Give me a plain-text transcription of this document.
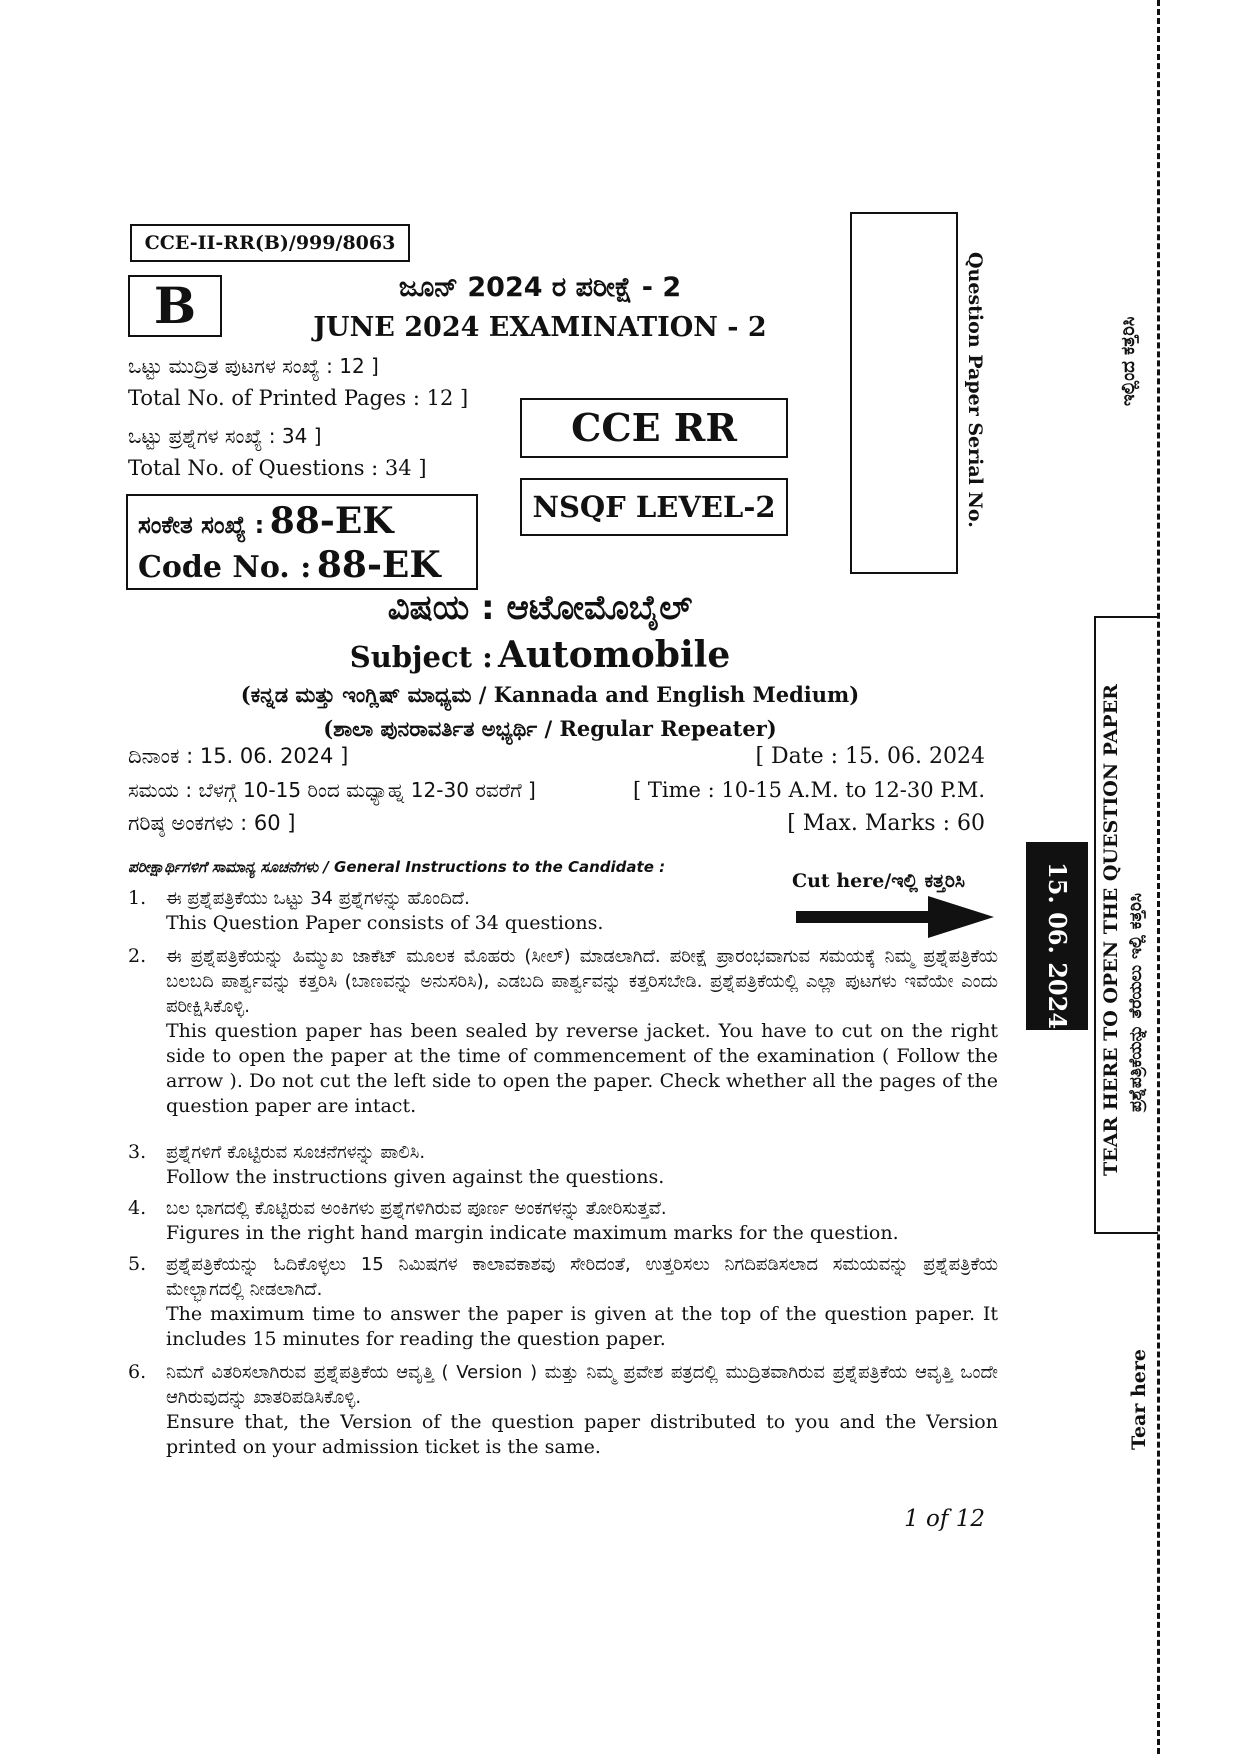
CCE-II-RR(B)/999/8063
B	ಜೂನ್ 2024 ರ ಪರೀಕ್ಷೆ - 2
JUNE 2024 EXAMINATION - 2
ಒಟ್ಟು ಮುದ್ರಿತ ಪುಟಗಳ ಸಂಖ್ಯೆ : 12 ]
Total No. of Printed Pages : 12 ]
ಒಟ್ಟು ಪ್ರಶ್ನೆಗಳ ಸಂಖ್ಯೆ : 34 ]
Total No. of Questions : 34 ]
ಸಂಕೇತ ಸಂಖ್ಯೆ : 88-EK
Code No. : 88-EK
CCE RR
NSQF LEVEL-2	Question Paper Serial No.
ವಿಷಯ : ಆಟೋಮೊಬೈಲ್
Subject : Automobile
(ಕನ್ನಡ ಮತ್ತು ಇಂಗ್ಲಿಷ್ ಮಾಧ್ಯಮ / Kannada and English Medium)
(ಶಾಲಾ ಪುನರಾವರ್ತಿತ ಅಭ್ಯರ್ಥಿ / Regular Repeater)
ದಿನಾಂಕ : 15. 06. 2024 ]	[ Date : 15. 06. 2024
ಸಮಯ : ಬೆಳಗ್ಗೆ 10-15 ರಿಂದ ಮಧ್ಯಾಹ್ನ 12-30 ರವರೆಗೆ ]	[ Time : 10-15 A.M. to 12-30 P.M.
ಗರಿಷ್ಠ ಅಂಕಗಳು : 60 ]	[ Max. Marks : 60
ಪರೀಕ್ಷಾರ್ಥಿಗಳಿಗೆ ಸಾಮಾನ್ಯ ಸೂಚನೆಗಳು / General Instructions to the Candidate :
Cut here/ಇಲ್ಲಿ ಕತ್ತರಿಸಿ
1. ಈ ಪ್ರಶ್ನೆಪತ್ರಿಕೆಯು ಒಟ್ಟು 34 ಪ್ರಶ್ನೆಗಳನ್ನು ಹೊಂದಿದೆ.
This Question Paper consists of 34 questions.
2. ಈ ಪ್ರಶ್ನೆಪತ್ರಿಕೆಯನ್ನು ಹಿಮ್ಮುಖ ಜಾಕೆಟ್ ಮೂಲಕ ಮೊಹರು (ಸೀಲ್) ಮಾಡಲಾಗಿದೆ. ಪರೀಕ್ಷೆ ಪ್ರಾರಂಭವಾಗುವ ಸಮಯಕ್ಕೆ ನಿಮ್ಮ ಪ್ರಶ್ನೆಪತ್ರಿಕೆಯ ಬಲಬದಿ ಪಾರ್ಶ್ವವನ್ನು ಕತ್ತರಿಸಿ (ಬಾಣವನ್ನು ಅನುಸರಿಸಿ), ಎಡಬದಿ ಪಾರ್ಶ್ವವನ್ನು ಕತ್ತರಿಸಬೇಡಿ. ಪ್ರಶ್ನೆಪತ್ರಿಕೆಯಲ್ಲಿ ಎಲ್ಲಾ ಪುಟಗಳು ಇವೆಯೇ ಎಂದು ಪರೀಕ್ಷಿಸಿಕೊಳ್ಳಿ.
This question paper has been sealed by reverse jacket. You have to cut on the right side to open the paper at the time of commencement of the examination ( Follow the arrow ). Do not cut the left side to open the paper. Check whether all the pages of the question paper are intact.
3. ಪ್ರಶ್ನೆಗಳಿಗೆ ಕೊಟ್ಟಿರುವ ಸೂಚನೆಗಳನ್ನು ಪಾಲಿಸಿ.
Follow the instructions given against the questions.
4. ಬಲ ಭಾಗದಲ್ಲಿ ಕೊಟ್ಟಿರುವ ಅಂಕಿಗಳು ಪ್ರಶ್ನೆಗಳಿಗಿರುವ ಪೂರ್ಣ ಅಂಕಗಳನ್ನು ತೋರಿಸುತ್ತವೆ.
Figures in the right hand margin indicate maximum marks for the question.
5. ಪ್ರಶ್ನೆಪತ್ರಿಕೆಯನ್ನು ಓದಿಕೊಳ್ಳಲು 15 ನಿಮಿಷಗಳ ಕಾಲಾವಕಾಶವು ಸೇರಿದಂತೆ, ಉತ್ತರಿಸಲು ನಿಗದಿಪಡಿಸಲಾದ ಸಮಯವನ್ನು ಪ್ರಶ್ನೆಪತ್ರಿಕೆಯ ಮೇಲ್ಭಾಗದಲ್ಲಿ ನೀಡಲಾಗಿದೆ.
The maximum time to answer the paper is given at the top of the question paper. It includes 15 minutes for reading the question paper.
6. ನಿಮಗೆ ವಿತರಿಸಲಾಗಿರುವ ಪ್ರಶ್ನೆಪತ್ರಿಕೆಯ ಆವೃತ್ತಿ ( Version ) ಮತ್ತು ನಿಮ್ಮ ಪ್ರವೇಶ ಪತ್ರದಲ್ಲಿ ಮುದ್ರಿತವಾಗಿರುವ ಪ್ರಶ್ನೆಪತ್ರಿಕೆಯ ಆವೃತ್ತಿ ಒಂದೇ ಆಗಿರುವುದನ್ನು ಖಾತರಿಪಡಿಸಿಕೊಳ್ಳಿ.
Ensure that, the Version of the question paper distributed to you and the Version printed on your admission ticket is the same.
1 of 12
ಇಲ್ಲಿಂದ ಕತ್ತರಿಸಿ
TEAR HERE TO OPEN THE QUESTION PAPER ಪ್ರಶ್ನೆಪತ್ರಿಕೆಯನ್ನು ತೆರೆಯಲು ಇಲ್ಲಿ ಕತ್ತರಿಸಿ
15. 06. 2024
Tear here
